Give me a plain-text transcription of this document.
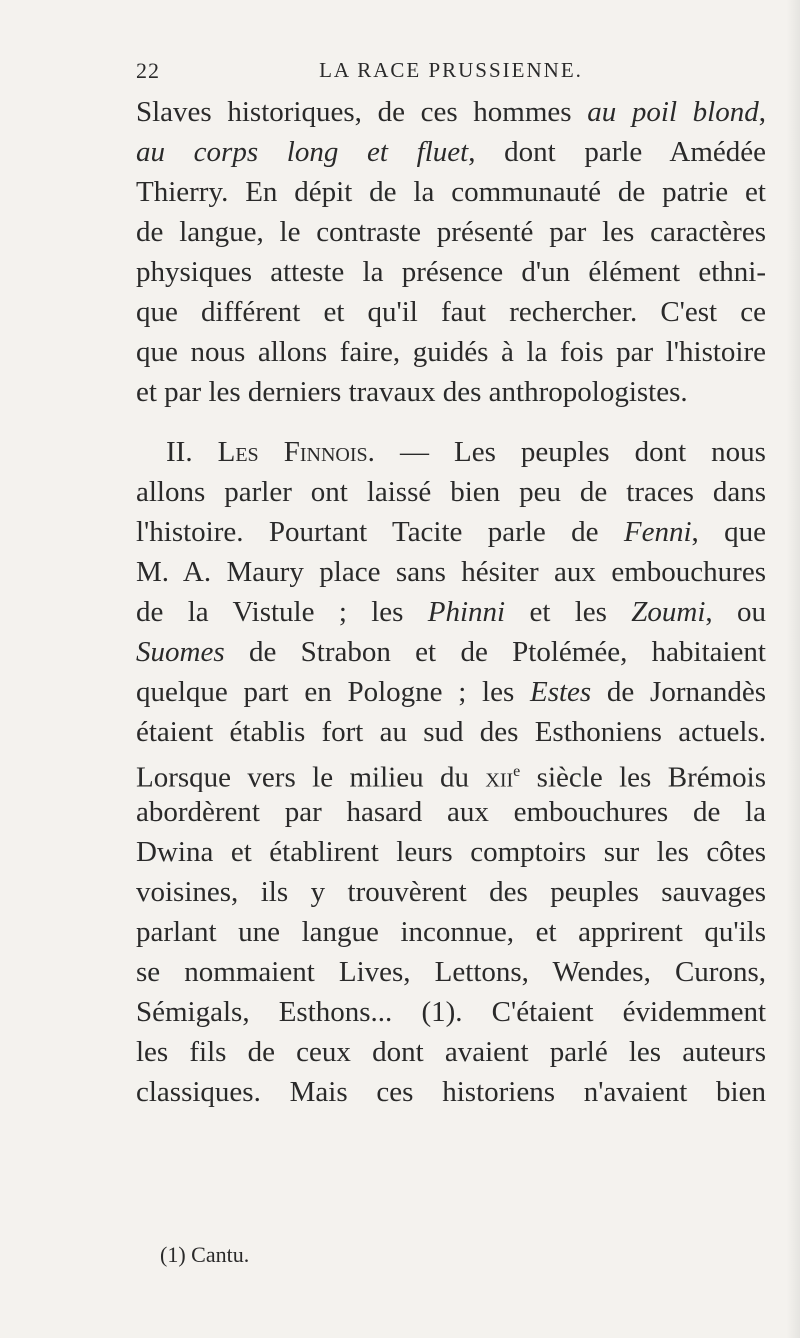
22	LA RACE PRUSSIENNE.
Slaves historiques, de ces hommes au poil blond,
au corps long et fluet, dont parle Amédée
Thierry. En dépit de la communauté de patrie et
de langue, le contraste présenté par les caractères
physiques atteste la présence d'un élément ethni-
que différent et qu'il faut rechercher. C'est ce
que nous allons faire, guidés à la fois par l'histoire
et par les derniers travaux des anthropologistes.
II. Les Finnois. — Les peuples dont nous
allons parler ont laissé bien peu de traces dans
l'histoire. Pourtant Tacite parle de Fenni, que
M. A. Maury place sans hésiter aux embouchures
de la Vistule ; les Phinni et les Zoumi, ou
Suomes de Strabon et de Ptolémée, habitaient
quelque part en Pologne ; les Estes de Jornandès
étaient établis fort au sud des Esthoniens actuels.
Lorsque vers le milieu du xii$^e$ siècle les Brémois
abordèrent par hasard aux embouchures de la
Dwina et établirent leurs comptoirs sur les côtes
voisines, ils y trouvèrent des peuples sauvages
parlant une langue inconnue, et apprirent qu'ils
se nommaient Lives, Lettons, Wendes, Curons,
Sémigals, Esthons... (1). C'étaient évidemment
les fils de ceux dont avaient parlé les auteurs
classiques. Mais ces historiens n'avaient bien
(1) Cantu.
